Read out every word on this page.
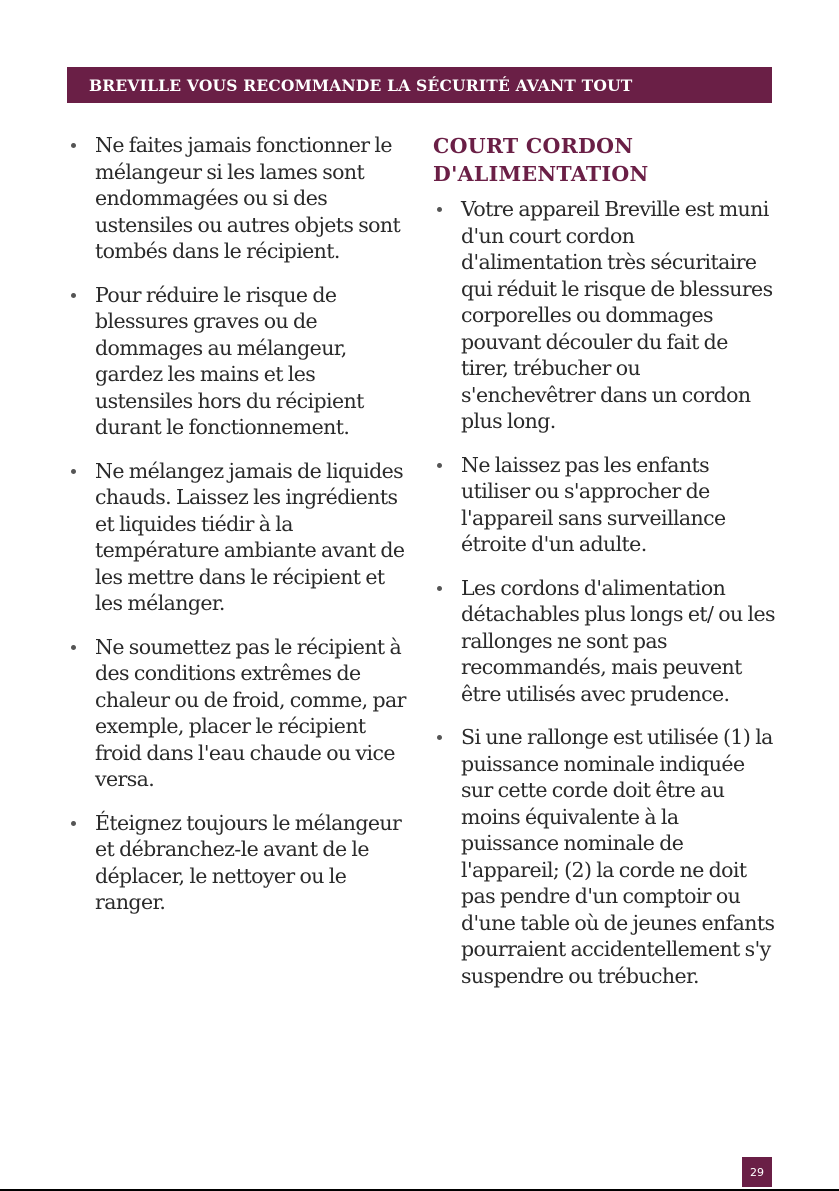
BREVILLE VOUS RECOMMANDE LA SÉCURITÉ AVANT TOUT
Ne faites jamais fonctionner le mélangeur si les lames sont endommagées ou si des ustensiles ou autres objets sont tombés dans le récipient.
Pour réduire le risque de blessures graves ou de dommages au mélangeur, gardez les mains et les ustensiles hors du récipient durant le fonctionnement.
Ne mélangez jamais de liquides chauds. Laissez les ingrédients et liquides tiédir à la température ambiante avant de les mettre dans le récipient et les mélanger.
Ne soumettez pas le récipient à des conditions extrêmes de chaleur ou de froid, comme, par exemple, placer le récipient froid dans l'eau chaude ou vice versa.
Éteignez toujours le mélangeur et débranchez-le avant de le déplacer, le nettoyer ou le ranger.
COURT CORDON
D'ALIMENTATION
Votre appareil Breville est muni d'un court cordon d'alimentation très sécuritaire qui réduit le risque de blessures corporelles ou dommages pouvant découler du fait de tirer, trébucher ou s'enchevêtrer dans un cordon plus long.
Ne laissez pas les enfants utiliser ou s'approcher de l'appareil sans surveillance étroite d'un adulte.
Les cordons d'alimentation détachables plus longs et/ ou les rallonges ne sont pas recommandés, mais peuvent être utilisés avec prudence.
Si une rallonge est utilisée (1) la puissance nominale indiquée sur cette corde doit être au moins équivalente à la puissance nominale de l'appareil; (2) la corde ne doit pas pendre d'un comptoir ou d'une table où de jeunes enfants pourraient accidentellement s'y suspendre ou trébucher.
29
